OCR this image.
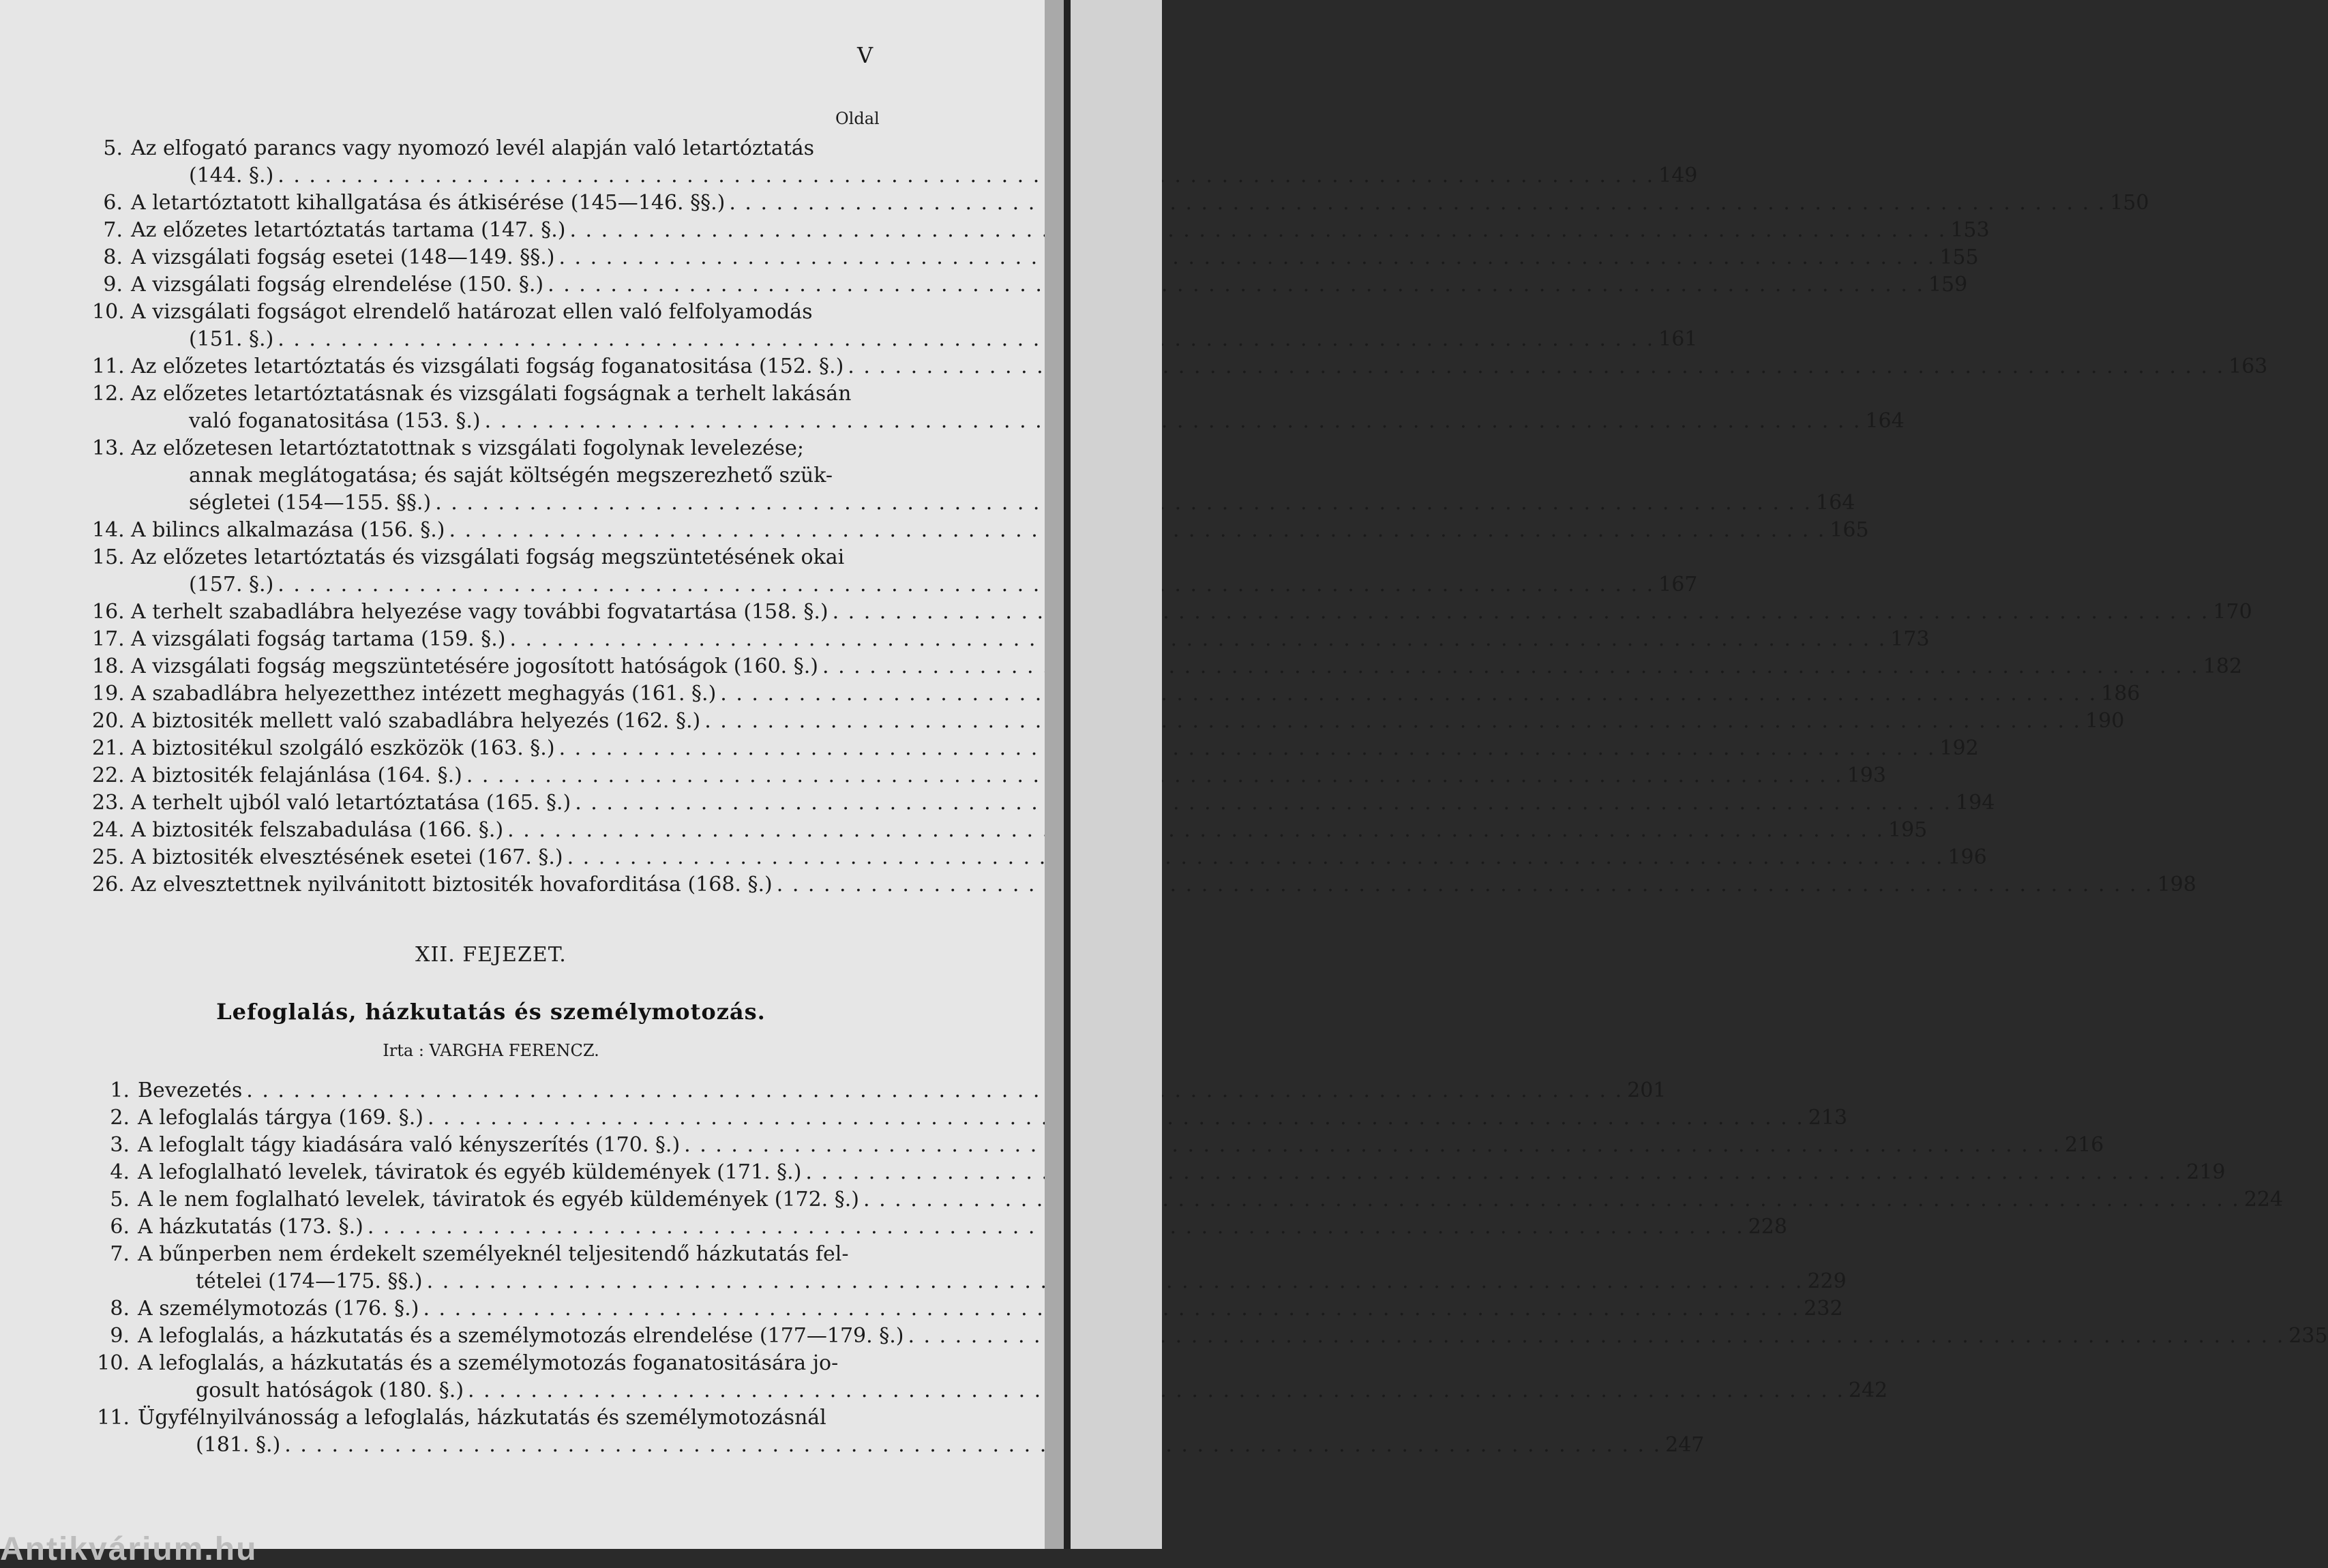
V
Oldal
5. Az elfogató parancs vagy nyomozó levél alapján való letartóztatás
(144. §.) . . .	149
6. A letartóztatott kihallgatása és átkisérése (145—146. §§.) . . .	150
7. Az előzetes letartóztatás tartama (147. §.) . . .	153
8. A vizsgálati fogság esetei (148—149. §§.) . . .	155
9. A vizsgálati fogság elrendelése (150. §.) . . .	159
10. A vizsgálati fogságot elrendelő határozat ellen való felfolyamodás
(151. §.) . . .	161
11. Az előzetes letartóztatás és vizsgálati fogság foganatositása (152. §.) . . .	163
12. Az előzetes letartóztatásnak és vizsgálati fogságnak a terhelt lakásán
való foganatositása (153. §.) . . .	164
13. Az előzetesen letartóztatottnak s vizsgálati fogolynak levelezése;
annak meglátogatása; és saját költségén megszerezhető szük-
ségletei (154—155. §§.) . . .	164
14. A bilincs alkalmazása (156. §.) . . .	165
15. Az előzetes letartóztatás és vizsgálati fogság megszüntetésének okai
(157. §.) . . .	167
16. A terhelt szabadlábra helyezése vagy további fogvatartása (158. §.) . . .	170
17. A vizsgálati fogság tartama (159. §.) . . .	173
18. A vizsgálati fogság megszüntetésére jogosított hatóságok (160. §.) . . .	182
19. A szabadlábra helyezetthez intézett meghagyás (161. §.) . . .	186
20. A biztositék mellett való szabadlábra helyezés (162. §.) . . .	190
21. A biztositékul szolgáló eszközök (163. §.) . . .	192
22. A biztositék felajánlása (164. §.) . . .	193
23. A terhelt ujból való letartóztatása (165. §.) . . .	194
24. A biztositék felszabadulása (166. §.) . . .	195
25. A biztositék elvesztésének esetei (167. §.) . . .	196
26. Az elvesztettnek nyilvánitott biztositék hovaforditása (168. §.) . . .	198
XII. FEJEZET.
Lefoglalás, házkutatás és személymotozás.
Irta : VARGHA FERENCZ.
1. Bevezetés . . .	201
2. A lefoglalás tárgya (169. §.) . . .	213
3. A lefoglalt tágy kiadására való kényszerítés (170. §.) . . .	216
4. A lefoglalható levelek, táviratok és egyéb küldemények (171. §.) . . .	219
5. A le nem foglalható levelek, táviratok és egyéb küldemények (172. §.) . . .	224
6. A házkutatás (173. §.) . . .	228
7. A bűnperben nem érdekelt személyeknél teljesitendő házkutatás fel-
tételei (174—175. §§.) . . .	229
8. A személymotozás (176. §.) . . .	232
9. A lefoglalás, a házkutatás és a személymotozás elrendelése (177—179. §.) . . .	235
10. A lefoglalás, a házkutatás és a személymotozás foganatositására jo-
gosult hatóságok (180. §.) . . .	242
11. Ügyfélnyilvánosság a lefoglalás, házkutatás és személymotozásnál
(181. §.) . . .	247
Antikvárium.hu
